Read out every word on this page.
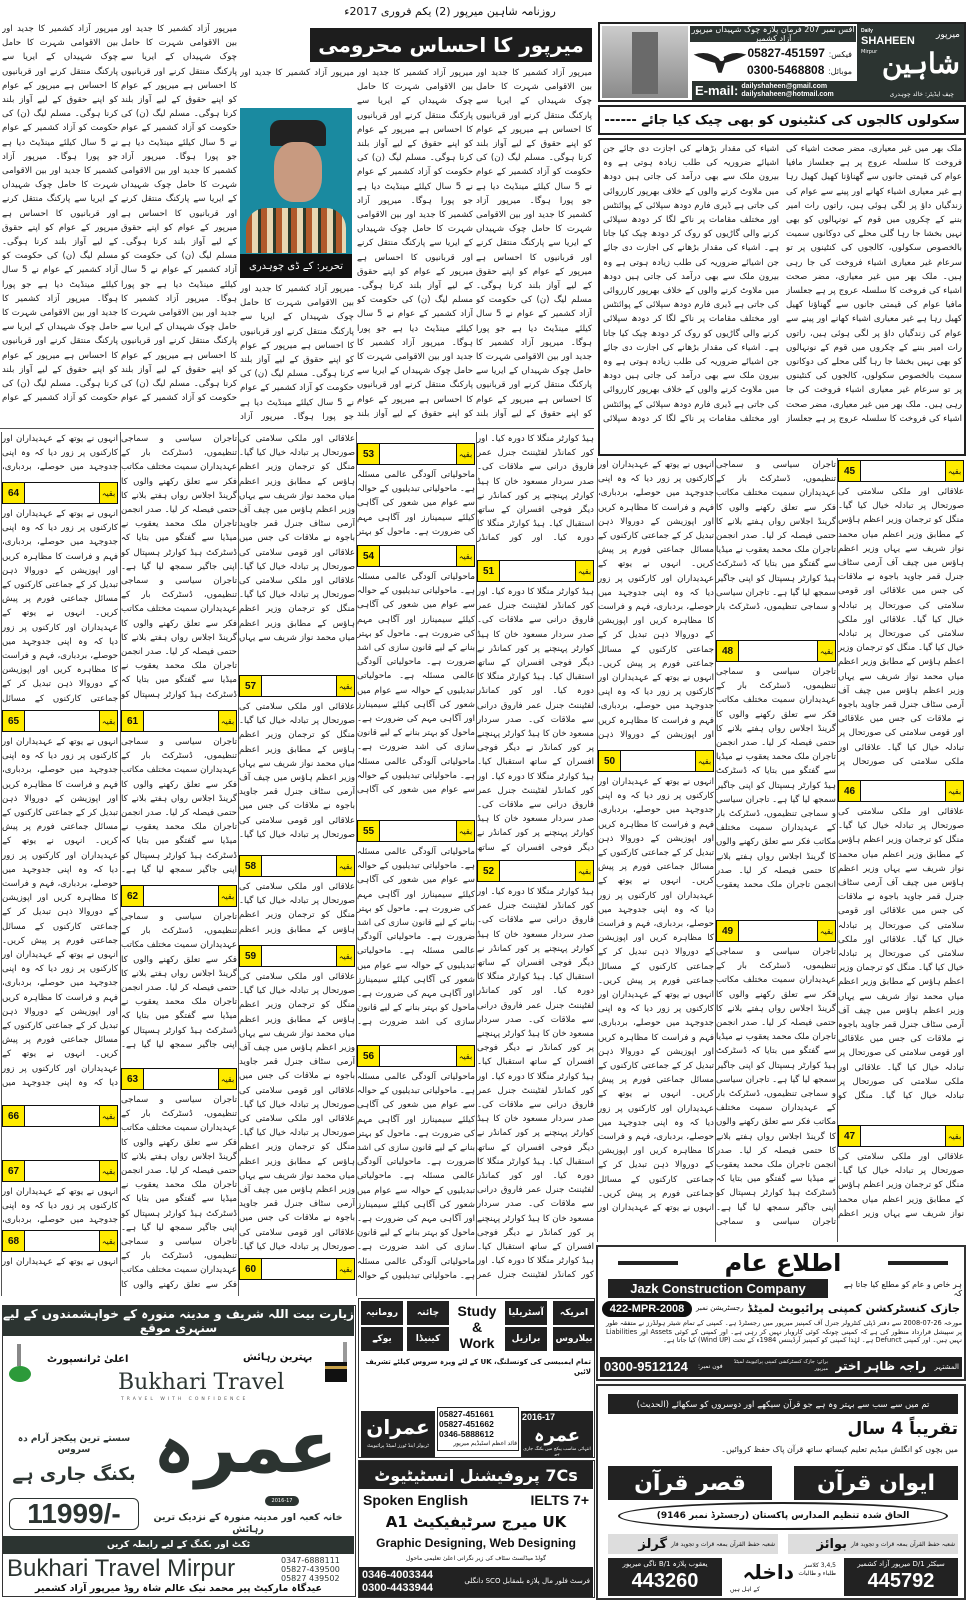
روزنامہ شاہین میرپور (2) یکم فروری 2017ء
Daily
SHAHEEN
Mirpur
میرپور
شاہین
چیف ایڈیٹر: خالد چوہدری
آفس نمبر 207 فرمان پلازہ چوک شہیداں میرپور آزاد کشمیر
فیکس:
05827-451597
موبائل:
0300-5468808
E-mail: dailyshaheen@gmail.com
dailyshaheen@hotmail.com
سکولوں کالجوں کی کنٹینوں کو بھی چیک کیا جائے ------
ملک بھر میں غیر معیاری، مضر صحت اشیاء کی فروخت کا سلسلہ عروج پر ہے جعلساز مافیا عوام کی قیمتی جانوں سے گھناؤنا کھیل کھیل رہا ہے غیر معیاری اشیاء کھانے اور پینے سے عوام کی زندگیاں داؤ پر لگی ہوئی ہیں، راتوں رات امیر بننے کے چکروں میں قوم کے نونہالوں کو بھی نہیں بخشا جا رہا گلی محلے کی دوکانوں سمیت بالخصوص سکولوں، کالجوں کی کنٹینوں پر تو سرعام غیر معیاری اشیاء فروخت کی جا رہی ہیں۔ ملک بھر میں غیر معیاری، مضر صحت اشیاء کی فروخت کا سلسلہ عروج پر ہے جعلساز مافیا عوام کی قیمتی جانوں سے گھناؤنا کھیل کھیل رہا ہے غیر معیاری اشیاء کھانے اور پینے سے عوام کی زندگیاں داؤ پر لگی ہوئی ہیں، راتوں رات امیر بننے کے چکروں میں قوم کے نونہالوں کو بھی نہیں بخشا جا رہا گلی محلے کی دوکانوں سمیت بالخصوص سکولوں، کالجوں کی کنٹینوں پر تو سرعام غیر معیاری اشیاء فروخت کی جا رہی ہیں۔ ملک بھر میں غیر معیاری، مضر صحت اشیاء کی فروخت کا سلسلہ عروج پر ہے جعلساز
اشیاء کی مقدار بڑھانے کی اجازت دی جائے جن اشیائے ضروریہ کی طلب زیادہ ہوتی ہے وہ بیرون ملک سے بھی درآمد کی جاتی ہیں دودھ میں ملاوٹ کرنے والوں کے خلاف بھرپور کارروائی کی جاتی ہے ڈیری فارم دودھ سپلائی کے پوائنٹس اور مختلف مقامات پر ناکے لگا کر دودھ سپلائی کرنے والی گاڑیوں کو روک کر دودھ چیک کیا جاتا ہے۔ اشیاء کی مقدار بڑھانے کی اجازت دی جائے جن اشیائے ضروریہ کی طلب زیادہ ہوتی ہے وہ بیرون ملک سے بھی درآمد کی جاتی ہیں دودھ میں ملاوٹ کرنے والوں کے خلاف بھرپور کارروائی کی جاتی ہے ڈیری فارم دودھ سپلائی کے پوائنٹس اور مختلف مقامات پر ناکے لگا کر دودھ سپلائی کرنے والی گاڑیوں کو روک کر دودھ چیک کیا جاتا ہے۔ اشیاء کی مقدار بڑھانے کی اجازت دی جائے جن اشیائے ضروریہ کی طلب زیادہ ہوتی ہے وہ بیرون ملک سے بھی درآمد کی جاتی ہیں دودھ میں ملاوٹ کرنے والوں کے خلاف بھرپور کارروائی کی جاتی ہے ڈیری فارم دودھ سپلائی کے پوائنٹس اور مختلف مقامات پر ناکے لگا کر دودھ سپلائی
میرپور کا احساس محرومی
میرپور آزاد کشمیر کا جدید اور بین الاقوامی شہرت کا حامل چوک شہیداں کے ایریا سے پارکنگ منتقل کرنے اور قربانیوں کا احساس ہے میرپور کے عوام کو اپنے حقوق کے لیے آواز بلند کرنا ہوگی۔ مسلم لیگ (ن) کی حکومت کو آزاد کشمیر کے عوام نے 5 سال کیلئے مینڈیٹ دیا ہے جو پورا ہوگا۔ میرپور آزاد کشمیر کا جدید اور بین الاقوامی شہرت کا حامل چوک شہیداں کے ایریا سے پارکنگ منتقل کرنے اور قربانیوں کا احساس ہے میرپور کے عوام کو اپنے حقوق کے لیے آواز بلند کرنا ہوگی۔ مسلم لیگ (ن) کی حکومت کو آزاد کشمیر کے عوام نے 5 سال کیلئے مینڈیٹ دیا ہے جو پورا ہوگا۔ میرپور آزاد کشمیر کا جدید اور بین الاقوامی شہرت کا حامل چوک شہیداں کے ایریا سے پارکنگ منتقل کرنے اور قربانیوں کا احساس ہے میرپور کے عوام کو اپنے حقوق کے لیے آواز بلند
میرپور آزاد کشمیر کا جدید اور بین الاقوامی شہرت کا حامل چوک شہیداں کے ایریا سے پارکنگ منتقل کرنے اور قربانیوں کا احساس ہے میرپور کے عوام کو اپنے حقوق کے لیے آواز بلند کرنا ہوگی۔ مسلم لیگ (ن) کی حکومت کو آزاد کشمیر کے عوام نے 5 سال کیلئے مینڈیٹ دیا ہے جو پورا ہوگا۔ میرپور آزاد کشمیر کا جدید اور بین الاقوامی شہرت کا حامل چوک شہیداں کے ایریا سے پارکنگ منتقل کرنے اور قربانیوں کا احساس ہے میرپور کے عوام کو اپنے حقوق کے لیے آواز بلند کرنا ہوگی۔ مسلم لیگ (ن) کی حکومت کو آزاد کشمیر کے عوام نے 5 سال کیلئے مینڈیٹ دیا ہے جو پورا ہوگا۔ میرپور آزاد کشمیر کا جدید اور بین الاقوامی شہرت کا حامل چوک شہیداں کے ایریا سے پارکنگ منتقل کرنے اور قربانیوں کا احساس ہے میرپور کے عوام کو اپنے حقوق کے لیے آواز بلند
میرپور آزاد کشمیر کا جدید اور
تحریر: کے ڈی چوہدری
میرپور آزاد کشمیر کا جدید اور بین الاقوامی شہرت کا حامل چوک شہیداں کے ایریا سے پارکنگ منتقل کرنے اور قربانیوں کا احساس ہے میرپور کے عوام کو اپنے حقوق کے لیے آواز بلند کرنا ہوگی۔ مسلم لیگ (ن) کی حکومت کو آزاد کشمیر کے عوام نے 5 سال کیلئے مینڈیٹ دیا ہے جو پورا ہوگا۔ میرپور آزاد
میرپور آزاد کشمیر کا جدید اور بین الاقوامی شہرت کا حامل چوک شہیداں کے ایریا سے پارکنگ منتقل کرنے اور قربانیوں کا احساس ہے میرپور کے عوام کو اپنے حقوق کے لیے آواز بلند کرنا ہوگی۔ مسلم لیگ (ن) کی حکومت کو آزاد کشمیر کے عوام نے 5 سال کیلئے مینڈیٹ دیا ہے جو پورا ہوگا۔ میرپور آزاد کشمیر کا جدید اور بین الاقوامی شہرت کا حامل چوک شہیداں کے ایریا سے پارکنگ منتقل کرنے اور قربانیوں کا احساس ہے میرپور کے عوام کو اپنے حقوق کے لیے آواز بلند کرنا ہوگی۔ مسلم لیگ (ن) کی حکومت کو آزاد کشمیر کے عوام نے 5 سال کیلئے مینڈیٹ دیا ہے جو پورا ہوگا۔ میرپور آزاد کشمیر کا جدید اور بین الاقوامی شہرت کا حامل چوک شہیداں کے ایریا سے پارکنگ منتقل کرنے اور قربانیوں کا احساس ہے میرپور کے عوام کو اپنے حقوق کے لیے آواز بلند کرنا ہوگی۔ مسلم لیگ (ن) کی حکومت کو آزاد کشمیر کے عوام
میرپور آزاد کشمیر کا جدید اور بین الاقوامی شہرت کا حامل چوک شہیداں کے ایریا سے پارکنگ منتقل کرنے اور قربانیوں کا احساس ہے میرپور کے عوام کو اپنے حقوق کے لیے آواز بلند کرنا ہوگی۔ مسلم لیگ (ن) کی حکومت کو آزاد کشمیر کے عوام نے 5 سال کیلئے مینڈیٹ دیا ہے جو پورا ہوگا۔ میرپور آزاد کشمیر کا جدید اور بین الاقوامی شہرت کا حامل چوک شہیداں کے ایریا سے پارکنگ منتقل کرنے اور قربانیوں کا احساس ہے میرپور کے عوام کو اپنے حقوق کے لیے آواز بلند کرنا ہوگی۔ مسلم لیگ (ن) کی حکومت کو آزاد کشمیر کے عوام نے 5 سال کیلئے مینڈیٹ دیا ہے جو پورا ہوگا۔ میرپور آزاد کشمیر کا جدید اور بین الاقوامی شہرت کا حامل چوک شہیداں کے ایریا سے پارکنگ منتقل کرنے اور قربانیوں کا احساس ہے میرپور کے عوام کو اپنے حقوق کے لیے آواز بلند کرنا ہوگی۔ مسلم لیگ (ن) کی حکومت کو آزاد کشمیر کے عوام
45	بقیہ
علاقائی اور ملکی سلامتی کی صورتحال پر تبادلہ خیال کیا گیا۔ منگل کو ترجمان وزیر اعظم ہاؤس کے مطابق وزیر اعظم میاں محمد نواز شریف سے یہاں وزیر اعظم ہاؤس میں چیف آف آرمی سٹاف جنرل قمر جاوید باجوہ نے ملاقات کی جس میں علاقائی اور قومی سلامتی کی صورتحال پر تبادلہ خیال کیا گیا۔ علاقائی اور ملکی سلامتی کی صورتحال پر تبادلہ خیال کیا گیا۔ منگل کو ترجمان وزیر اعظم ہاؤس کے مطابق وزیر اعظم میاں محمد نواز شریف سے یہاں وزیر اعظم ہاؤس میں چیف آف آرمی سٹاف جنرل قمر جاوید باجوہ نے ملاقات کی جس میں علاقائی اور قومی سلامتی کی صورتحال پر تبادلہ خیال کیا گیا۔ علاقائی اور ملکی سلامتی کی صورتحال پر
46	بقیہ
علاقائی اور ملکی سلامتی کی صورتحال پر تبادلہ خیال کیا گیا۔ منگل کو ترجمان وزیر اعظم ہاؤس کے مطابق وزیر اعظم میاں محمد نواز شریف سے یہاں وزیر اعظم ہاؤس میں چیف آف آرمی سٹاف جنرل قمر جاوید باجوہ نے ملاقات کی جس میں علاقائی اور قومی سلامتی کی صورتحال پر تبادلہ خیال کیا گیا۔ علاقائی اور ملکی سلامتی کی صورتحال پر تبادلہ خیال کیا گیا۔ منگل کو ترجمان وزیر اعظم ہاؤس کے مطابق وزیر اعظم میاں محمد نواز شریف سے یہاں وزیر اعظم ہاؤس میں چیف آف آرمی سٹاف جنرل قمر جاوید باجوہ نے ملاقات کی جس میں علاقائی اور قومی سلامتی کی صورتحال پر تبادلہ خیال کیا گیا۔ علاقائی اور ملکی سلامتی کی صورتحال پر تبادلہ خیال کیا گیا۔ منگل کو
47	بقیہ
علاقائی اور ملکی سلامتی کی صورتحال پر تبادلہ خیال کیا گیا۔ منگل کو ترجمان وزیر اعظم ہاؤس کے مطابق وزیر اعظم میاں محمد نواز شریف سے یہاں وزیر اعظم
تاجران سیاسی و سماجی تنظیموں، ڈسٹرکٹ بار کے عہدیداران سمیت مختلف مکاتب فکر سے تعلق رکھنے والوں کا گرینڈ اجلاس رواں ہفتے بلانے کا حتمی فیصلہ کر لیا۔ صدر انجمن تاجران ملک محمد یعقوب نے میڈیا سے گفتگو میں بتایا کہ ڈسٹرکٹ ہیڈ کوارٹر ہسپتال کو اپنی جاگیر سمجھ لیا گیا ہے۔ تاجران سیاسی و سماجی تنظیموں، ڈسٹرکٹ بار
48	بقیہ
تاجران سیاسی و سماجی تنظیموں، ڈسٹرکٹ بار کے عہدیداران سمیت مختلف مکاتب فکر سے تعلق رکھنے والوں کا گرینڈ اجلاس رواں ہفتے بلانے کا حتمی فیصلہ کر لیا۔ صدر انجمن تاجران ملک محمد یعقوب نے میڈیا سے گفتگو میں بتایا کہ ڈسٹرکٹ ہیڈ کوارٹر ہسپتال کو اپنی جاگیر سمجھ لیا گیا ہے۔ تاجران سیاسی و سماجی تنظیموں، ڈسٹرکٹ بار کے عہدیداران سمیت مختلف مکاتب فکر سے تعلق رکھنے والوں کا گرینڈ اجلاس رواں ہفتے بلانے کا حتمی فیصلہ کر لیا۔ صدر انجمن تاجران ملک محمد یعقوب
49	بقیہ
تاجران سیاسی و سماجی تنظیموں، ڈسٹرکٹ بار کے عہدیداران سمیت مختلف مکاتب فکر سے تعلق رکھنے والوں کا گرینڈ اجلاس رواں ہفتے بلانے کا حتمی فیصلہ کر لیا۔ صدر انجمن تاجران ملک محمد یعقوب نے میڈیا سے گفتگو میں بتایا کہ ڈسٹرکٹ ہیڈ کوارٹر ہسپتال کو اپنی جاگیر سمجھ لیا گیا ہے۔ تاجران سیاسی و سماجی تنظیموں، ڈسٹرکٹ بار کے عہدیداران سمیت مختلف مکاتب فکر سے تعلق رکھنے والوں کا گرینڈ اجلاس رواں ہفتے بلانے کا حتمی فیصلہ کر لیا۔ صدر انجمن تاجران ملک محمد یعقوب نے میڈیا سے گفتگو میں بتایا کہ ڈسٹرکٹ ہیڈ کوارٹر ہسپتال کو اپنی جاگیر سمجھ لیا گیا ہے۔ تاجران سیاسی و سماجی
انہوں نے یوتھ کے عہدیداران اور کارکنوں پر زور دیا کہ وہ اپنی جدوجہد میں حوصلے، بردباری، فہم و فراست کا مظاہرہ کریں اور اپوزیشن کے دوروالا ذہن تبدیل کر کے جماعتی کارکنوں کے مسائل جماعتی فورم پر پیش کریں۔ انہوں نے یوتھ کے عہدیداران اور کارکنوں پر زور دیا کہ وہ اپنی جدوجہد میں حوصلے، بردباری، فہم و فراست کا مظاہرہ کریں اور اپوزیشن کے دوروالا ذہن تبدیل کر کے جماعتی کارکنوں کے مسائل جماعتی فورم پر پیش کریں۔ انہوں نے یوتھ کے عہدیداران اور کارکنوں پر زور دیا کہ وہ اپنی جدوجہد میں حوصلے، بردباری، فہم و فراست کا مظاہرہ کریں اور اپوزیشن کے دوروالا ذہن
50	بقیہ
انہوں نے یوتھ کے عہدیداران اور کارکنوں پر زور دیا کہ وہ اپنی جدوجہد میں حوصلے، بردباری، فہم و فراست کا مظاہرہ کریں اور اپوزیشن کے دوروالا ذہن تبدیل کر کے جماعتی کارکنوں کے مسائل جماعتی فورم پر پیش کریں۔ انہوں نے یوتھ کے عہدیداران اور کارکنوں پر زور دیا کہ وہ اپنی جدوجہد میں حوصلے، بردباری، فہم و فراست کا مظاہرہ کریں اور اپوزیشن کے دوروالا ذہن تبدیل کر کے جماعتی کارکنوں کے مسائل جماعتی فورم پر پیش کریں۔ انہوں نے یوتھ کے عہدیداران اور کارکنوں پر زور دیا کہ وہ اپنی جدوجہد میں حوصلے، بردباری، فہم و فراست کا مظاہرہ کریں اور اپوزیشن کے دوروالا ذہن تبدیل کر کے جماعتی کارکنوں کے مسائل جماعتی فورم پر پیش کریں۔ انہوں نے یوتھ کے عہدیداران اور کارکنوں پر زور دیا کہ وہ اپنی جدوجہد میں حوصلے، بردباری، فہم و فراست کا مظاہرہ کریں اور اپوزیشن کے دوروالا ذہن تبدیل کر کے جماعتی کارکنوں کے مسائل جماعتی فورم پر پیش کریں۔ انہوں نے یوتھ کے عہدیداران اور
ہیڈ کوارٹر منگلا کا دورہ کیا۔ اور کور کمانڈر لفٹیننٹ جنرل عمر فاروق درانی سے ملاقات کی۔ صدر سردار مسعود خان کا ہیڈ کوارٹر پہنچنے پر کور کمانڈر نے دیگر فوجی افسران کے ساتھ استقبال کیا۔ ہیڈ کوارٹر منگلا کا دورہ کیا۔ اور کور کمانڈر
51	بقیہ
ہیڈ کوارٹر منگلا کا دورہ کیا۔ اور کور کمانڈر لفٹیننٹ جنرل عمر فاروق درانی سے ملاقات کی۔ صدر سردار مسعود خان کا ہیڈ کوارٹر پہنچنے پر کور کمانڈر نے دیگر فوجی افسران کے ساتھ استقبال کیا۔ ہیڈ کوارٹر منگلا کا دورہ کیا۔ اور کور کمانڈر لفٹیننٹ جنرل عمر فاروق درانی سے ملاقات کی۔ صدر سردار مسعود خان کا ہیڈ کوارٹر پہنچنے پر کور کمانڈر نے دیگر فوجی افسران کے ساتھ استقبال کیا۔ ہیڈ کوارٹر منگلا کا دورہ کیا۔ اور کور کمانڈر لفٹیننٹ جنرل عمر فاروق درانی سے ملاقات کی۔ صدر سردار مسعود خان کا ہیڈ کوارٹر پہنچنے پر کور کمانڈر نے دیگر فوجی افسران کے ساتھ
52	بقیہ
ہیڈ کوارٹر منگلا کا دورہ کیا۔ اور کور کمانڈر لفٹیننٹ جنرل عمر فاروق درانی سے ملاقات کی۔ صدر سردار مسعود خان کا ہیڈ کوارٹر پہنچنے پر کور کمانڈر نے دیگر فوجی افسران کے ساتھ استقبال کیا۔ ہیڈ کوارٹر منگلا کا دورہ کیا۔ اور کور کمانڈر لفٹیننٹ جنرل عمر فاروق درانی سے ملاقات کی۔ صدر سردار مسعود خان کا ہیڈ کوارٹر پہنچنے پر کور کمانڈر نے دیگر فوجی افسران کے ساتھ استقبال کیا۔ ہیڈ کوارٹر منگلا کا دورہ کیا۔ اور کور کمانڈر لفٹیننٹ جنرل عمر فاروق درانی سے ملاقات کی۔ صدر سردار مسعود خان کا ہیڈ کوارٹر پہنچنے پر کور کمانڈر نے دیگر فوجی افسران کے ساتھ استقبال کیا۔ ہیڈ کوارٹر منگلا کا دورہ کیا۔ اور کور کمانڈر لفٹیننٹ جنرل عمر فاروق درانی سے ملاقات کی۔ صدر سردار مسعود خان کا ہیڈ کوارٹر پہنچنے پر کور کمانڈر نے دیگر فوجی افسران کے ساتھ استقبال کیا۔ ہیڈ کوارٹر منگلا کا دورہ کیا۔ اور کور کمانڈر لفٹیننٹ جنرل عمر
53	بقیہ
ماحولیاتی آلودگی عالمی مسئلہ ہے۔ ماحولیاتی تبدیلیوں کے حوالہ سے عوام میں شعور کی آگاہی کیلئے سیمینارز اور آگاہی مہم کی ضرورت ہے۔ ماحول کو بہتر
54	بقیہ
ماحولیاتی آلودگی عالمی مسئلہ ہے۔ ماحولیاتی تبدیلیوں کے حوالہ سے عوام میں شعور کی آگاہی کیلئے سیمینارز اور آگاہی مہم کی ضرورت ہے۔ ماحول کو بہتر بنانے کے لیے قانون سازی کی اشد ضرورت ہے۔ ماحولیاتی آلودگی عالمی مسئلہ ہے۔ ماحولیاتی تبدیلیوں کے حوالہ سے عوام میں شعور کی آگاہی کیلئے سیمینارز اور آگاہی مہم کی ضرورت ہے۔ ماحول کو بہتر بنانے کے لیے قانون سازی کی اشد ضرورت ہے۔ ماحولیاتی آلودگی عالمی مسئلہ ہے۔ ماحولیاتی تبدیلیوں کے حوالہ سے عوام میں شعور کی آگاہی
55	بقیہ
ماحولیاتی آلودگی عالمی مسئلہ ہے۔ ماحولیاتی تبدیلیوں کے حوالہ سے عوام میں شعور کی آگاہی کیلئے سیمینارز اور آگاہی مہم کی ضرورت ہے۔ ماحول کو بہتر بنانے کے لیے قانون سازی کی اشد ضرورت ہے۔ ماحولیاتی آلودگی عالمی مسئلہ ہے۔ ماحولیاتی تبدیلیوں کے حوالہ سے عوام میں شعور کی آگاہی کیلئے سیمینارز اور آگاہی مہم کی ضرورت ہے۔ ماحول کو بہتر بنانے کے لیے قانون سازی کی اشد ضرورت ہے۔
56	بقیہ
ماحولیاتی آلودگی عالمی مسئلہ ہے۔ ماحولیاتی تبدیلیوں کے حوالہ سے عوام میں شعور کی آگاہی کیلئے سیمینارز اور آگاہی مہم کی ضرورت ہے۔ ماحول کو بہتر بنانے کے لیے قانون سازی کی اشد ضرورت ہے۔ ماحولیاتی آلودگی عالمی مسئلہ ہے۔ ماحولیاتی تبدیلیوں کے حوالہ سے عوام میں شعور کی آگاہی کیلئے سیمینارز اور آگاہی مہم کی ضرورت ہے۔ ماحول کو بہتر بنانے کے لیے قانون سازی کی اشد ضرورت ہے۔ ماحولیاتی آلودگی عالمی مسئلہ ہے۔ ماحولیاتی تبدیلیوں کے حوالہ
علاقائی اور ملکی سلامتی کی صورتحال پر تبادلہ خیال کیا گیا۔ منگل کو ترجمان وزیر اعظم ہاؤس کے مطابق وزیر اعظم میاں محمد نواز شریف سے یہاں وزیر اعظم ہاؤس میں چیف آف آرمی سٹاف جنرل قمر جاوید باجوہ نے ملاقات کی جس میں علاقائی اور قومی سلامتی کی صورتحال پر تبادلہ خیال کیا گیا۔ علاقائی اور ملکی سلامتی کی صورتحال پر تبادلہ خیال کیا گیا۔ منگل کو ترجمان وزیر اعظم ہاؤس کے مطابق وزیر اعظم میاں محمد نواز شریف سے یہاں
57	بقیہ
علاقائی اور ملکی سلامتی کی صورتحال پر تبادلہ خیال کیا گیا۔ منگل کو ترجمان وزیر اعظم ہاؤس کے مطابق وزیر اعظم میاں محمد نواز شریف سے یہاں وزیر اعظم ہاؤس میں چیف آف آرمی سٹاف جنرل قمر جاوید باجوہ نے ملاقات کی جس میں علاقائی اور قومی سلامتی کی صورتحال پر تبادلہ خیال کیا گیا۔
58	بقیہ
علاقائی اور ملکی سلامتی کی صورتحال پر تبادلہ خیال کیا گیا۔ منگل کو ترجمان وزیر اعظم ہاؤس کے مطابق وزیر اعظم
59	بقیہ
علاقائی اور ملکی سلامتی کی صورتحال پر تبادلہ خیال کیا گیا۔ منگل کو ترجمان وزیر اعظم ہاؤس کے مطابق وزیر اعظم میاں محمد نواز شریف سے یہاں وزیر اعظم ہاؤس میں چیف آف آرمی سٹاف جنرل قمر جاوید باجوہ نے ملاقات کی جس میں علاقائی اور قومی سلامتی کی صورتحال پر تبادلہ خیال کیا گیا۔ علاقائی اور ملکی سلامتی کی صورتحال پر تبادلہ خیال کیا گیا۔ منگل کو ترجمان وزیر اعظم ہاؤس کے مطابق وزیر اعظم میاں محمد نواز شریف سے یہاں وزیر اعظم ہاؤس میں چیف آف آرمی سٹاف جنرل قمر جاوید باجوہ نے ملاقات کی جس میں علاقائی اور قومی سلامتی کی صورتحال پر تبادلہ خیال کیا گیا۔
60	بقیہ
تاجران سیاسی و سماجی تنظیموں، ڈسٹرکٹ بار کے عہدیداران سمیت مختلف مکاتب فکر سے تعلق رکھنے والوں کا گرینڈ اجلاس رواں ہفتے بلانے کا حتمی فیصلہ کر لیا۔ صدر انجمن تاجران ملک محمد یعقوب نے میڈیا سے گفتگو میں بتایا کہ ڈسٹرکٹ ہیڈ کوارٹر ہسپتال کو اپنی جاگیر سمجھ لیا گیا ہے۔ تاجران سیاسی و سماجی تنظیموں، ڈسٹرکٹ بار کے عہدیداران سمیت مختلف مکاتب فکر سے تعلق رکھنے والوں کا گرینڈ اجلاس رواں ہفتے بلانے کا حتمی فیصلہ کر لیا۔ صدر انجمن تاجران ملک محمد یعقوب نے میڈیا سے گفتگو میں بتایا کہ ڈسٹرکٹ ہیڈ کوارٹر ہسپتال کو
61	بقیہ
تاجران سیاسی و سماجی تنظیموں، ڈسٹرکٹ بار کے عہدیداران سمیت مختلف مکاتب فکر سے تعلق رکھنے والوں کا گرینڈ اجلاس رواں ہفتے بلانے کا حتمی فیصلہ کر لیا۔ صدر انجمن تاجران ملک محمد یعقوب نے میڈیا سے گفتگو میں بتایا کہ ڈسٹرکٹ ہیڈ کوارٹر ہسپتال کو اپنی جاگیر سمجھ لیا گیا ہے۔
62	بقیہ
تاجران سیاسی و سماجی تنظیموں، ڈسٹرکٹ بار کے عہدیداران سمیت مختلف مکاتب فکر سے تعلق رکھنے والوں کا گرینڈ اجلاس رواں ہفتے بلانے کا حتمی فیصلہ کر لیا۔ صدر انجمن تاجران ملک محمد یعقوب نے میڈیا سے گفتگو میں بتایا کہ ڈسٹرکٹ ہیڈ کوارٹر ہسپتال کو اپنی جاگیر سمجھ لیا گیا ہے۔
63	بقیہ
تاجران سیاسی و سماجی تنظیموں، ڈسٹرکٹ بار کے عہدیداران سمیت مختلف مکاتب فکر سے تعلق رکھنے والوں کا گرینڈ اجلاس رواں ہفتے بلانے کا حتمی فیصلہ کر لیا۔ صدر انجمن تاجران ملک محمد یعقوب نے میڈیا سے گفتگو میں بتایا کہ ڈسٹرکٹ ہیڈ کوارٹر ہسپتال کو اپنی جاگیر سمجھ لیا گیا ہے۔ تاجران سیاسی و سماجی تنظیموں، ڈسٹرکٹ بار کے عہدیداران سمیت مختلف مکاتب فکر سے تعلق رکھنے والوں کا
انہوں نے یوتھ کے عہدیداران اور کارکنوں پر زور دیا کہ وہ اپنی جدوجہد میں حوصلے، بردباری،
64	بقیہ
انہوں نے یوتھ کے عہدیداران اور کارکنوں پر زور دیا کہ وہ اپنی جدوجہد میں حوصلے، بردباری، فہم و فراست کا مظاہرہ کریں اور اپوزیشن کے دوروالا ذہن تبدیل کر کے جماعتی کارکنوں کے مسائل جماعتی فورم پر پیش کریں۔ انہوں نے یوتھ کے عہدیداران اور کارکنوں پر زور دیا کہ وہ اپنی جدوجہد میں حوصلے، بردباری، فہم و فراست کا مظاہرہ کریں اور اپوزیشن کے دوروالا ذہن تبدیل کر کے جماعتی کارکنوں کے مسائل
65	بقیہ
انہوں نے یوتھ کے عہدیداران اور کارکنوں پر زور دیا کہ وہ اپنی جدوجہد میں حوصلے، بردباری، فہم و فراست کا مظاہرہ کریں اور اپوزیشن کے دوروالا ذہن تبدیل کر کے جماعتی کارکنوں کے مسائل جماعتی فورم پر پیش کریں۔ انہوں نے یوتھ کے عہدیداران اور کارکنوں پر زور دیا کہ وہ اپنی جدوجہد میں حوصلے، بردباری، فہم و فراست کا مظاہرہ کریں اور اپوزیشن کے دوروالا ذہن تبدیل کر کے جماعتی کارکنوں کے مسائل جماعتی فورم پر پیش کریں۔ انہوں نے یوتھ کے عہدیداران اور کارکنوں پر زور دیا کہ وہ اپنی جدوجہد میں حوصلے، بردباری، فہم و فراست کا مظاہرہ کریں اور اپوزیشن کے دوروالا ذہن تبدیل کر کے جماعتی کارکنوں کے مسائل جماعتی فورم پر پیش کریں۔ انہوں نے یوتھ کے عہدیداران اور کارکنوں پر زور دیا کہ وہ اپنی جدوجہد میں
66	بقیہ
67	بقیہ
انہوں نے یوتھ کے عہدیداران اور کارکنوں پر زور دیا کہ وہ اپنی جدوجہد میں حوصلے، بردباری،
68	بقیہ
انہوں نے یوتھ کے عہدیداران اور	اطلاع عام
Jazk Construction Company	ہر خاص و عام کو مطلع کیا جاتا ہے کہ
422-MPR-2008	رجسٹریشن نمبر جازک کنسٹرکشن کمپنی پرائیویٹ لمیٹڈ
مورخہ 26-07-2008 سے دفتر ڈپٹی کنٹرولر جنرل آف کمپنیز میرپور میں رجسٹرڈ ہے۔ کمپنی کے تمام شیئر ہولڈرز نے متفقہ طور پر سپیشل قرارداد منظور کی ہے کہ کمپنی چونکہ کوئی کاروبار نہیں کر رہی ہے۔ اور کمپنی کے کوئی Assets اور Liabilities نہیں ہیں۔ اور کمپنی Defunct ہے۔ لہٰذا کمپنی کو کمپنیز آرڈیننس 1984ء کے تحت (Wind UP) کیا جاتا ہے۔
0300-9512124 فون نمبر:
برائے: جازک کنسٹرکشن کمپنی پرائیویٹ لمیٹڈ میرپور راجہ ظاہر اختر المشتہر
تم میں سے سب سے بہتر وہ ہے جو قرآن سیکھے اور دوسروں کو سکھائے (الحدیث)
تقریباً 4 سال
میں بچوں کو انگلش میڈیم تعلیم کیساتھ ساتھ قرآن پاک حفظ کروائیں۔
ایوان قرآن
قصر قرآن
الحاق شدہ تنظیم المدارس پاکستان (رجسٹرڈ نمبر 9146)
شعبہ حفظ القرآن بمعہ قرات و تجوید فار
بوائز
شعبہ حفظ القرآن بمعہ قرات و تجوید فار
گرلز
سیکٹر D/1 میرپور آزاد کشمیر
445792
یعقوب پلازہ B/1 ناگی میرپور
443260	داخلہ	3,4,5 کلاسز طلباء و طالبات
کے اہل ہیں
زیارت بیت اللہ شریف و مدینہ منورہ کے خواہشمندوں کے لیے سنہری موقع
اعلیٰ ٹرانسپورٹ	بہترین رہائش
Bukhari Travel
TRAVEL WITH CONFIDENCE
عمرہ
2016-17
سستے ترین پیکجز آرام دہ سروس
بکنگ جاری ہے
11999/-	خانہ کعبہ اور مدینہ منورہ کے نزدیک ترین رہائش
ٹکٹ اور بکنگ کے لیے رابطہ کریں
Bukhari Travel Mirpur	0347-6888111
05827-439500
05827 439502
عیدگاہ مارکیٹ پیر محمد نیک عالم شاہ روڈ میرپور آزاد کشمیر
امریکہ
آسٹریلیا
چائنہ
رومانیہ
بیلاروس
برازیل
کینیڈا
یوکے
Study
&
Work
تمام ایمبیسی کی کونسلنگ، UK کے لئے ویزہ سروس کیلئے تشریف لائیں
عمران
ٹریولز اینڈ ٹورز لمیٹڈ پرائیویٹ
05827-451661
05827-451662
0346-5888612
قائد اعظم اسٹیڈیم میرپور
2016-17
عمرہ
انتہائی مناسب پیکج میں بکنگ جاری ہے
7Cs پروفیشنل انسٹیٹیوٹ
Spoken English	IELTS 7+
UK میرج سرٹیفیکیٹ A1
Graphic Designing, Web Designing
گولڈ میڈلسٹ سٹاف کی زیر نگرانی اعلیٰ تعلیمی ماحول
0346-4003344
0300-4433944
فرسٹ فلور مال پلازہ بلمقابل SCO دانگلی
